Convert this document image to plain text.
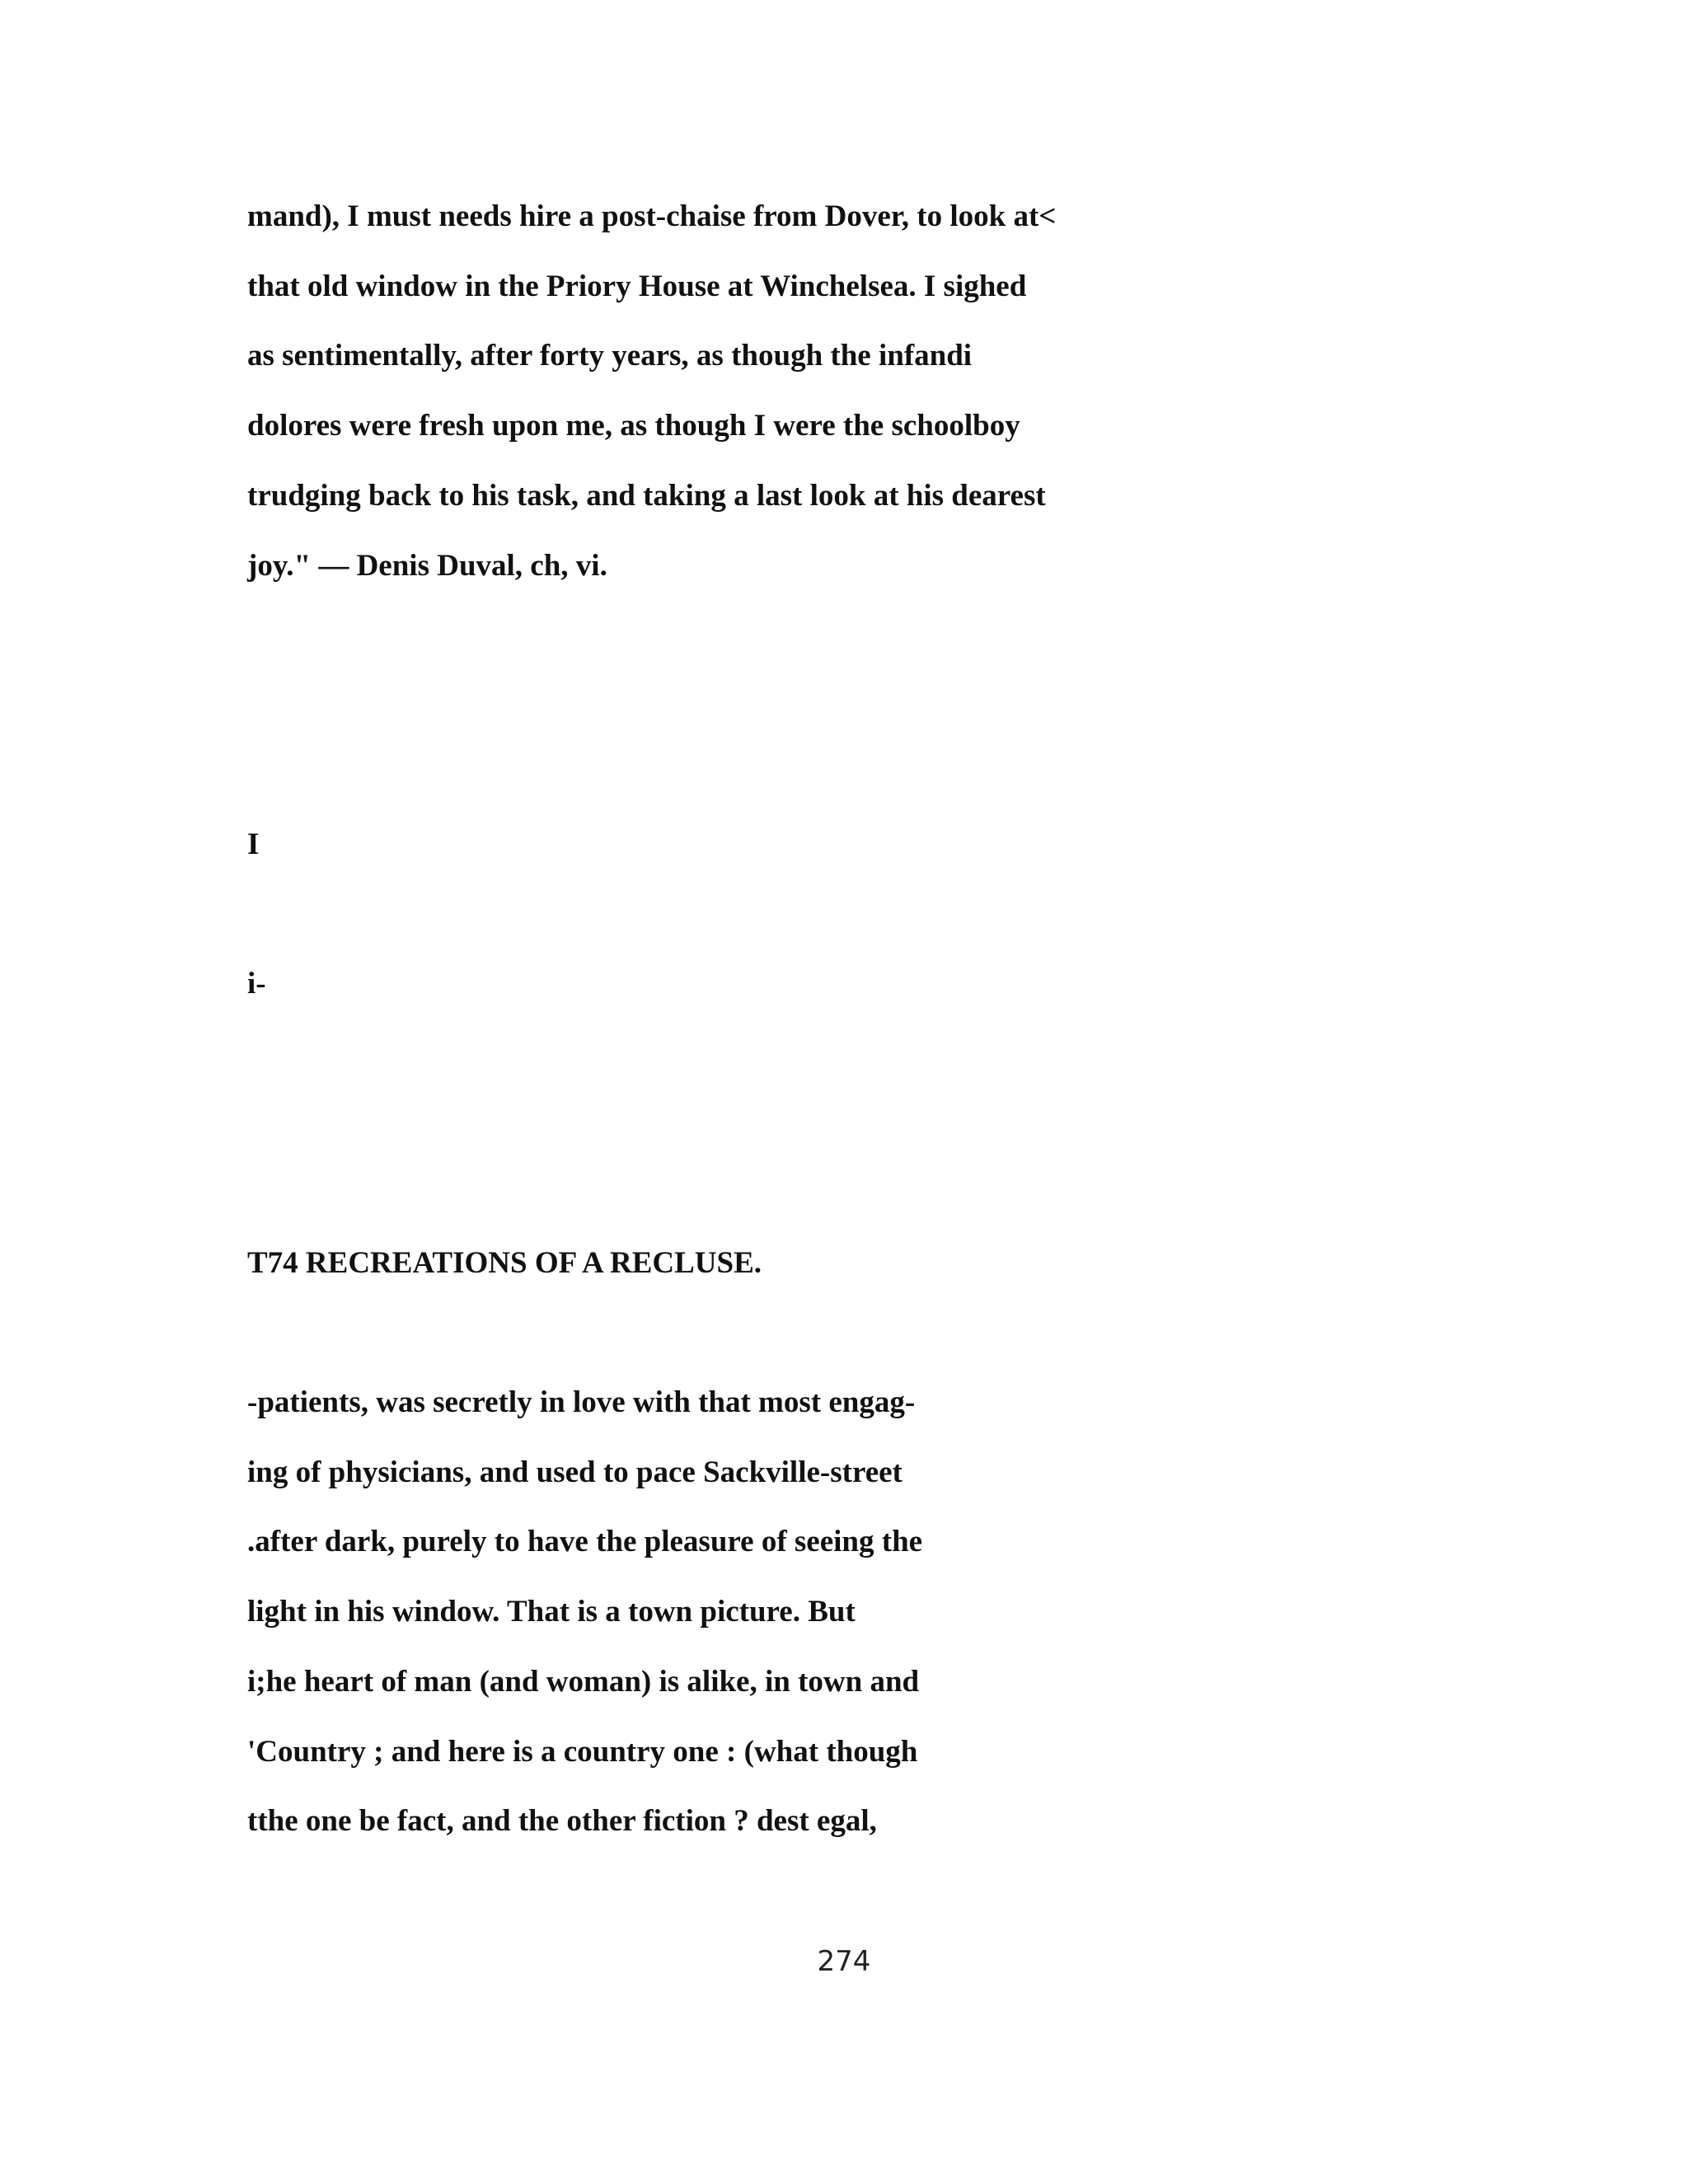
mand), I must needs hire a post-chaise from Dover, to look at<

that old window in the Priory House at Winchelsea. I sighed

as sentimentally, after forty years, as though the infandi

dolores were fresh upon me, as though I were the schoolboy

trudging back to his task, and taking a last look at his dearest

joy." — Denis Duval, ch, vi.

I

i-

T74 RECREATIONS OF A RECLUSE.

-patients, was secretly in love with that most engag-

ing of physicians, and used to pace Sackville-street

.after dark, purely to have the pleasure of seeing the

light in his window. That is a town picture. But

i;he heart of man (and woman) is alike, in town and

'Country ; and here is a country one : (what though

tthe one be fact, and the other fiction ? dest egal,

274
